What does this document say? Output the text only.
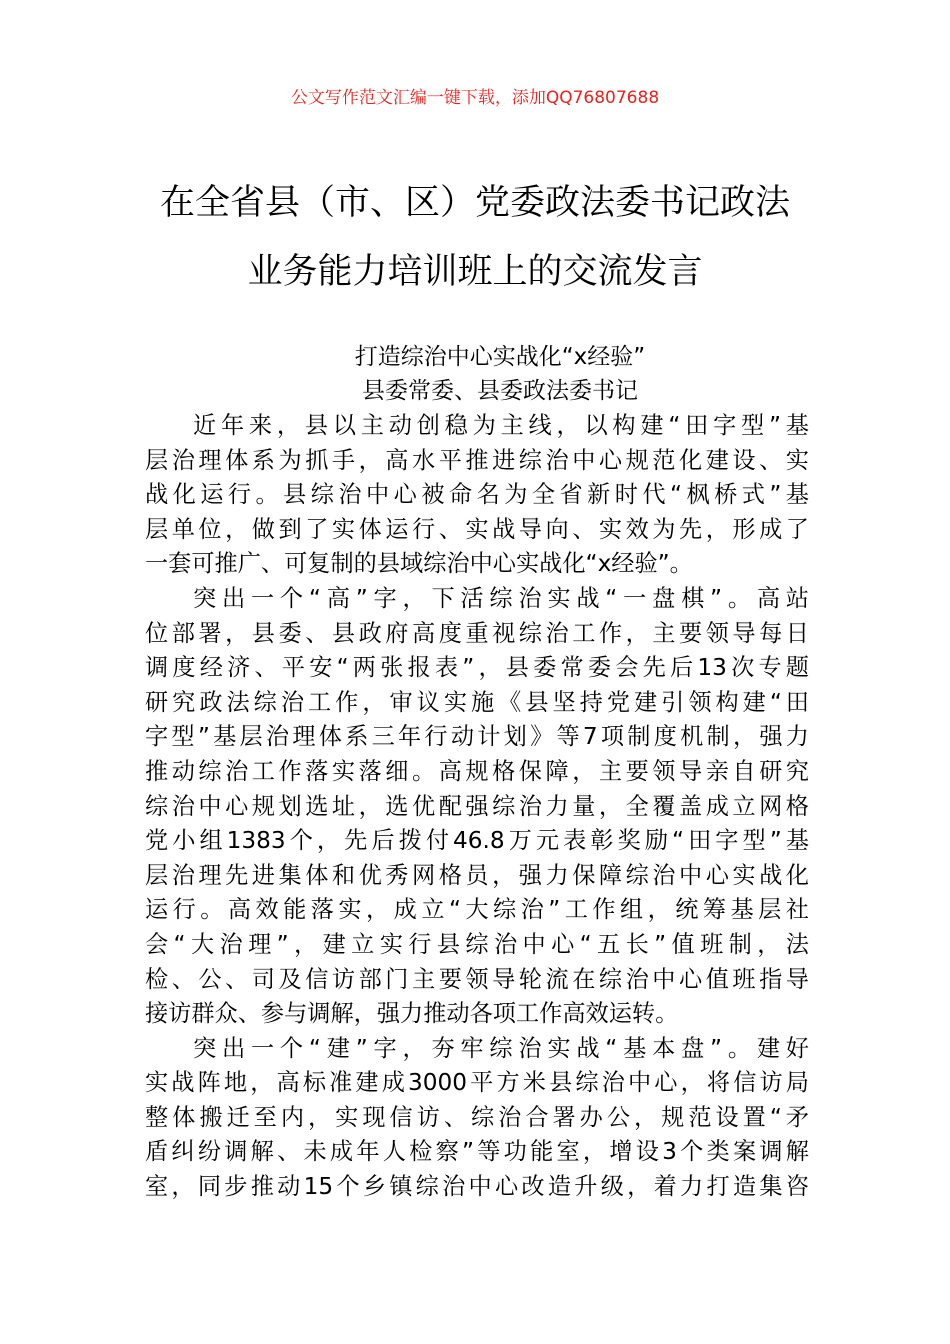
公文写作范文汇编一键下载，添加QQ76807688
在全省县（市、区）党委政法委书记政法
业务能力培训班上的交流发言
打造综治中心实战化“x经验”
县委常委、县委政法委书记
近年来，县以主动创稳为主线，以构建“田字型”基
层治理体系为抓手，高水平推进综治中心规范化建设、实
战化运行。县综治中心被命名为全省新时代“枫桥式”基
层单位，做到了实体运行、实战导向、实效为先，形成了
一套可推广、可复制的县域综治中心实战化“x经验”。
突出一个“高”字，下活综治实战“一盘棋”。高站
位部署，县委、县政府高度重视综治工作，主要领导每日
调度经济、平安“两张报表”，县委常委会先后13次专题
研究政法综治工作，审议实施《县坚持党建引领构建“田
字型”基层治理体系三年行动计划》等7项制度机制，强力
推动综治工作落实落细。高规格保障，主要领导亲自研究
综治中心规划选址，选优配强综治力量，全覆盖成立网格
党小组1383个，先后拨付46.8万元表彰奖励“田字型”基
层治理先进集体和优秀网格员，强力保障综治中心实战化
运行。高效能落实，成立“大综治”工作组，统筹基层社
会“大治理”，建立实行县综治中心“五长”值班制，法
检、公、司及信访部门主要领导轮流在综治中心值班指导
接访群众、参与调解，强力推动各项工作高效运转。
突出一个“建”字，夯牢综治实战“基本盘”。建好
实战阵地，高标准建成3000平方米县综治中心，将信访局
整体搬迁至内，实现信访、综治合署办公，规范设置“矛
盾纠纷调解、未成年人检察”等功能室，增设3个类案调解
室，同步推动15个乡镇综治中心改造升级，着力打造集咨
